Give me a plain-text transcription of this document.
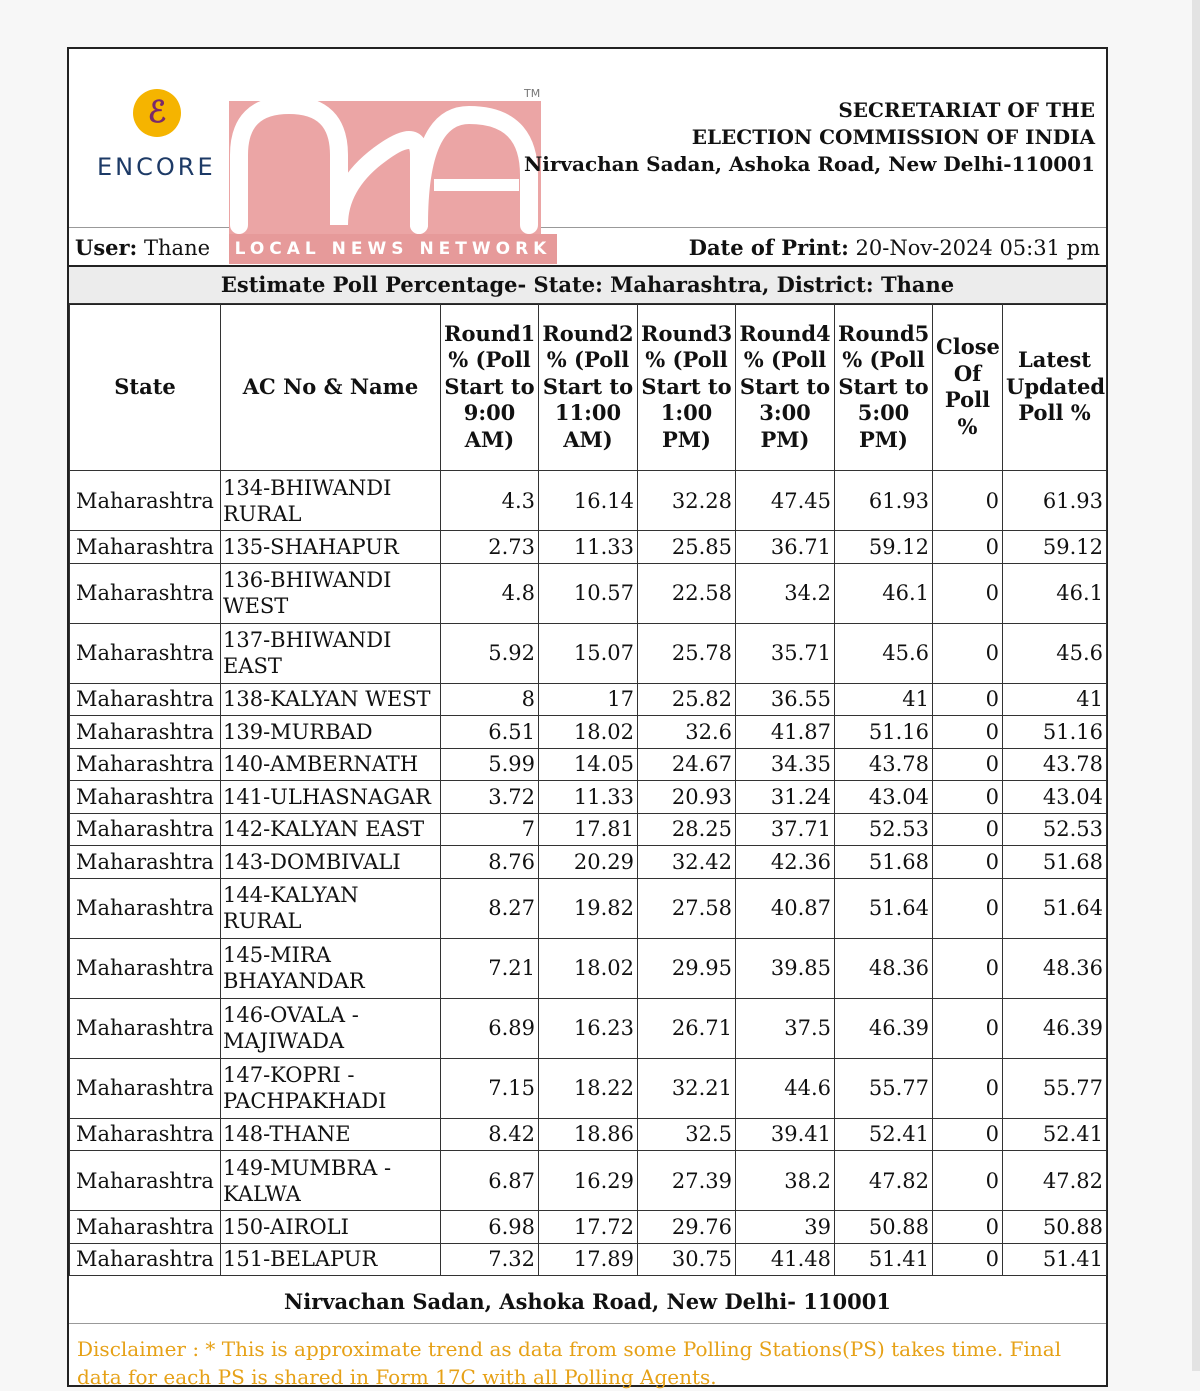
ℰ
ENCORE
TM
LOCAL NEWS NETWORK
SECRETARIAT OF THE
ELECTION COMMISSION OF INDIA
Nirvachan Sadan, Ashoka Road, New Delhi-110001
User: Thane	Date of Print: 20-Nov-2024 05:31 pm
Estimate Poll Percentage- State: Maharashtra, District: Thane
State	AC No & Name	Round1 % (Poll Start to 9:00 AM)	Round2 % (Poll Start to 11:00 AM)	Round3 % (Poll Start to 1:00 PM)	Round4 % (Poll Start to 3:00 PM)	Round5 % (Poll Start to 5:00 PM)	Close Of Poll %	Latest Updated Poll %
Maharashtra	134-BHIWANDI RURAL	4.3	16.14	32.28	47.45	61.93	0	61.93
Maharashtra	135-SHAHAPUR	2.73	11.33	25.85	36.71	59.12	0	59.12
Maharashtra	136-BHIWANDI WEST	4.8	10.57	22.58	34.2	46.1	0	46.1
Maharashtra	137-BHIWANDI EAST	5.92	15.07	25.78	35.71	45.6	0	45.6
Maharashtra	138-KALYAN WEST	8	17	25.82	36.55	41	0	41
Maharashtra	139-MURBAD	6.51	18.02	32.6	41.87	51.16	0	51.16
Maharashtra	140-AMBERNATH	5.99	14.05	24.67	34.35	43.78	0	43.78
Maharashtra	141-ULHASNAGAR	3.72	11.33	20.93	31.24	43.04	0	43.04
Maharashtra	142-KALYAN EAST	7	17.81	28.25	37.71	52.53	0	52.53
Maharashtra	143-DOMBIVALI	8.76	20.29	32.42	42.36	51.68	0	51.68
Maharashtra	144-KALYAN RURAL	8.27	19.82	27.58	40.87	51.64	0	51.64
Maharashtra	145-MIRA BHAYANDAR	7.21	18.02	29.95	39.85	48.36	0	48.36
Maharashtra	146-OVALA - MAJIWADA	6.89	16.23	26.71	37.5	46.39	0	46.39
Maharashtra	147-KOPRI - PACHPAKHADI	7.15	18.22	32.21	44.6	55.77	0	55.77
Maharashtra	148-THANE	8.42	18.86	32.5	39.41	52.41	0	52.41
Maharashtra	149-MUMBRA - KALWA	6.87	16.29	27.39	38.2	47.82	0	47.82
Maharashtra	150-AIROLI	6.98	17.72	29.76	39	50.88	0	50.88
Maharashtra	151-BELAPUR	7.32	17.89	30.75	41.48	51.41	0	51.41
Nirvachan Sadan, Ashoka Road, New Delhi- 110001
Disclaimer : * This is approximate trend as data from some Polling Stations(PS) takes time. Final data for each PS is shared in Form 17C with all Polling Agents.
